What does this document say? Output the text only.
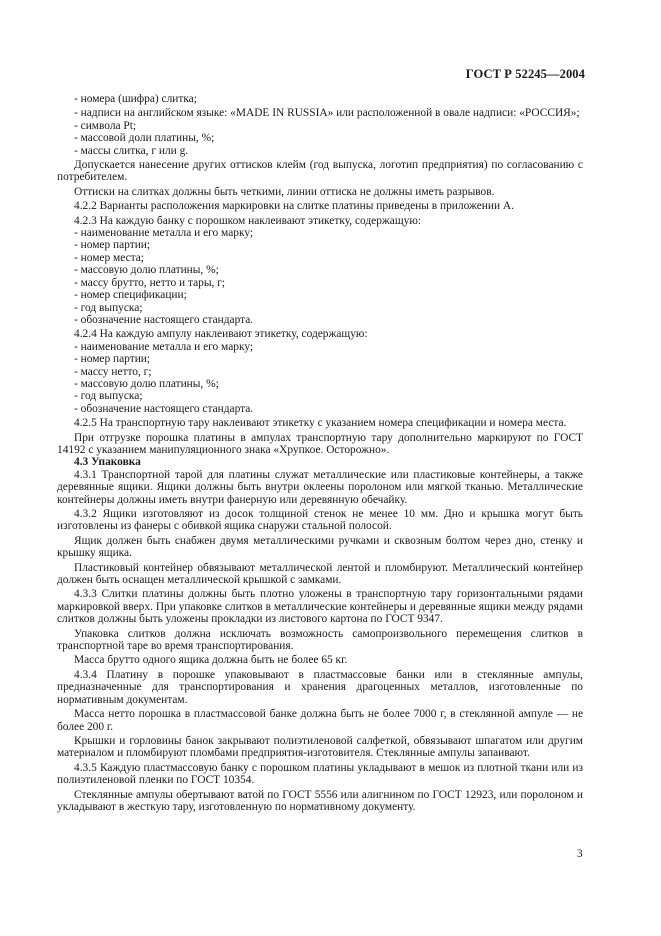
ГОСТ Р 52245—2004

- номера (шифра) слитка;

- надписи на английском языке: «MADE IN RUSSIA» или расположенной в овале надписи: «РОССИЯ»;

- символа Pt;

- массовой доли платины, %;

- массы слитка, г или g.

Допускается нанесение других оттисков клейм (год выпуска, логотип предприятия) по согласованию с потребителем.

Оттиски на слитках должны быть четкими, линии оттиска не должны иметь разрывов.

4.2.2 Варианты расположения маркировки на слитке платины приведены в приложении А.

4.2.3 На каждую банку с порошком наклеивают этикетку, содержащую:

- наименование металла и его марку;

- номер партии;

- номер места;

- массовую долю платины, %;

- массу брутто, нетто и тары, г;

- номер спецификации;

- год выпуска;

- обозначение настоящего стандарта.

4.2.4 На каждую ампулу наклеивают этикетку, содержащую:

- наименование металла и его марку;

- номер партии;

- массу нетто, г;

- массовую долю платины, %;

- год выпуска;

- обозначение настоящего стандарта.

4.2.5 На транспортную тару наклеивают этикетку с указанием номера спецификации и номера места.

При отгрузке порошка платины в ампулах транспортную тару дополнительно маркируют по ГОСТ 14192 с указанием манипуляционного знака «Хрупкое. Осторожно».

4.3 Упаковка

4.3.1 Транспортной тарой для платины служат металлические или пластиковые контейнеры, а также деревянные ящики. Ящики должны быть внутри оклеены поролоном или мягкой тканью. Металлические контейнеры должны иметь внутри фанерную или деревянную обечайку.

4.3.2 Ящики изготовляют из досок толщиной стенок не менее 10 мм. Дно и крышка могут быть изготовлены из фанеры с обивкой ящика снаружи стальной полосой.

Ящик должен быть снабжен двумя металлическими ручками и сквозным болтом через дно, стенку и крышку ящика.

Пластиковый контейнер обвязывают металлической лентой и пломбируют. Металлический контейнер должен быть оснащен металлической крышкой с замками.

4.3.3 Слитки платины должны быть плотно уложены в транспортную тару горизонтальными рядами маркировкой вверх. При упаковке слитков в металлические контейнеры и деревянные ящики между рядами слитков должны быть уложены прокладки из листового картона по ГОСТ 9347.

Упаковка слитков должна исключать возможность самопроизвольного перемещения слитков в транспортной таре во время транспортирования.

Масса брутто одного ящика должна быть не более 65 кг.

4.3.4 Платину в порошке упаковывают в пластмассовые банки или в стеклянные ампулы, предназначенные для транспортирования и хранения драгоценных металлов, изготовленные по нормативным документам.

Масса нетто порошка в пластмассовой банке должна быть не более 7000 г, в стеклянной ампуле — не более 200 г.

Крышки и горловины банок закрывают полиэтиленовой салфеткой, обвязывают шпагатом или другим материалом и пломбируют пломбами предприятия-изготовителя. Стеклянные ампулы запаивают.

4.3.5 Каждую пластмассовую банку с порошком платины укладывают в мешок из плотной ткани или из полиэтиленовой пленки по ГОСТ 10354.

Стеклянные ампулы обертывают ватой по ГОСТ 5556 или алигнином по ГОСТ 12923, или поролоном и укладывают в жесткую тару, изготовленную по нормативному документу.

3
